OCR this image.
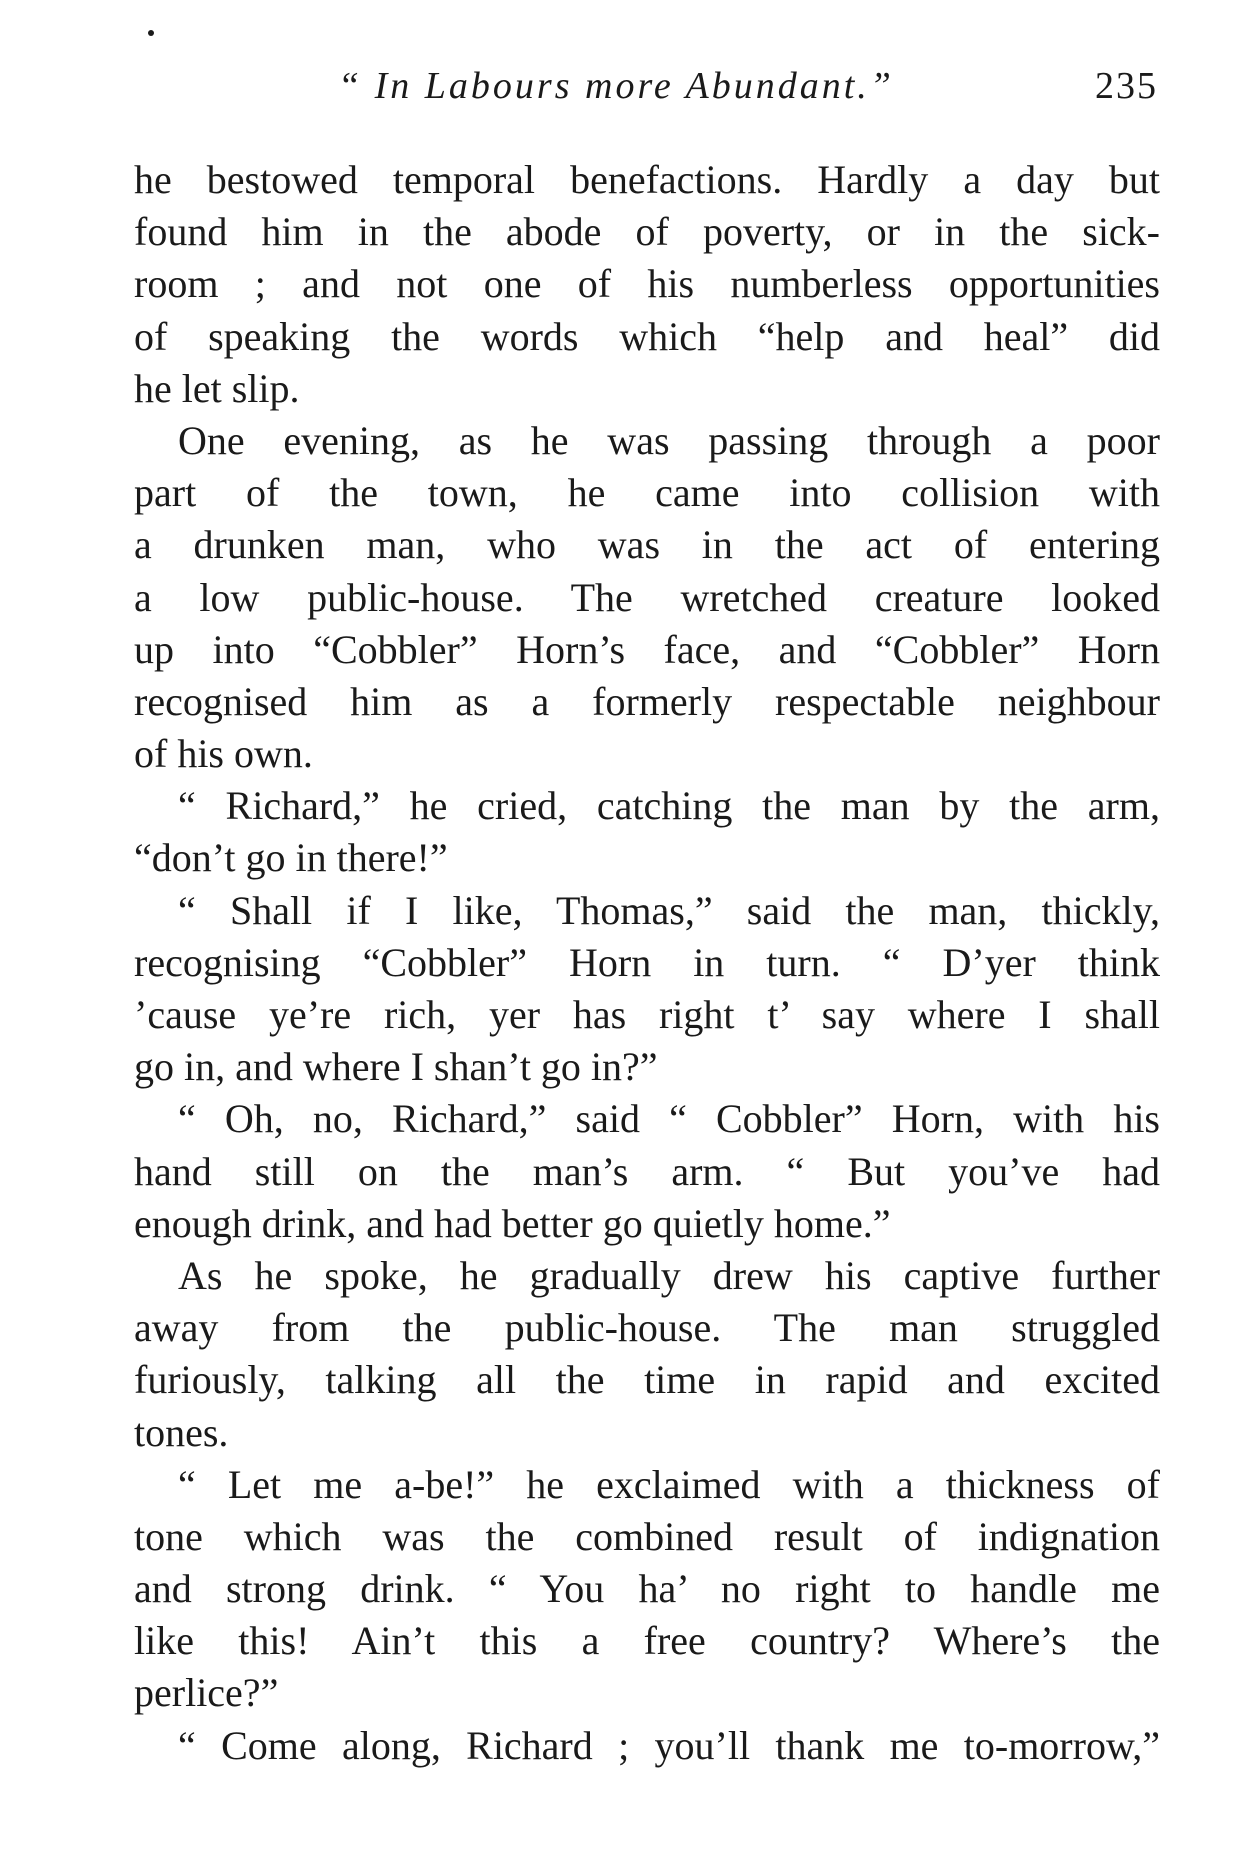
“ In Labours more Abundant.”	235
he bestowed temporal benefactions. Hardly a day but
found him in the abode of poverty, or in the sick-
room ; and not one of his numberless opportunities
of speaking the words which “help and heal” did
he let slip.
One evening, as he was passing through a poor
part of the town, he came into collision with
a drunken man, who was in the act of entering
a low public-house. The wretched creature looked
up into “Cobbler” Horn’s face, and “Cobbler” Horn
recognised him as a formerly respectable neighbour
of his own.
“ Richard,” he cried, catching the man by the arm,
“don’t go in there!”
“ Shall if I like, Thomas,” said the man, thickly,
recognising “Cobbler” Horn in turn. “ D’yer think
’cause ye’re rich, yer has right t’ say where I shall
go in, and where I shan’t go in?”
“ Oh, no, Richard,” said “ Cobbler” Horn, with his
hand still on the man’s arm. “ But you’ve had
enough drink, and had better go quietly home.”
As he spoke, he gradually drew his captive further
away from the public-house. The man struggled
furiously, talking all the time in rapid and excited
tones.
“ Let me a-be!” he exclaimed with a thickness of
tone which was the combined result of indignation
and strong drink. “ You ha’ no right to handle me
like this! Ain’t this a free country? Where’s the
perlice?”
“ Come along, Richard ; you’ll thank me to-morrow,”
